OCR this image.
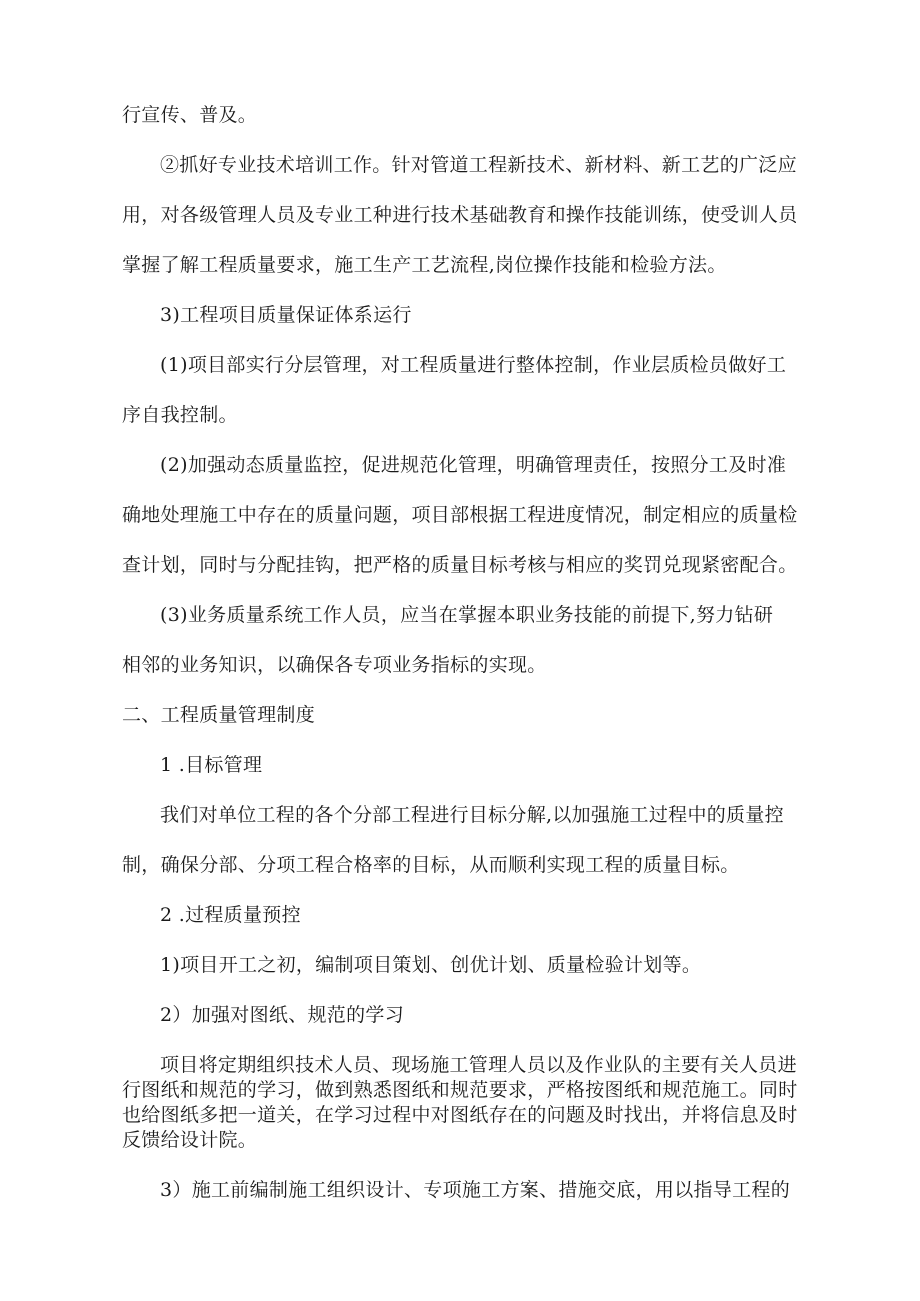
行宣传、普及。
②抓好专业技术培训工作。针对管道工程新技术、新材料、新工艺的广泛应
用，对各级管理人员及专业工种进行技术基础教育和操作技能训练，使受训人员
掌握了解工程质量要求，施工生产工艺流程,岗位操作技能和检验方法。
3)工程项目质量保证体系运行
(1)项目部实行分层管理，对工程质量进行整体控制，作业层质检员做好工
序自我控制。
(2)加强动态质量监控，促进规范化管理，明确管理责任，按照分工及时准
确地处理施工中存在的质量问题，项目部根据工程进度情况，制定相应的质量检
查计划，同时与分配挂钩，把严格的质量目标考核与相应的奖罚兑现紧密配合。
(3)业务质量系统工作人员，应当在掌握本职业务技能的前提下,努力钻研
相邻的业务知识，以确保各专项业务指标的实现。
二、工程质量管理制度
1 .目标管理
我们对单位工程的各个分部工程进行目标分解,以加强施工过程中的质量控
制，确保分部、分项工程合格率的目标，从而顺利实现工程的质量目标。
2 .过程质量预控
1)项目开工之初，编制项目策划、创优计划、质量检验计划等。
2）加强对图纸、规范的学习
项目将定期组织技术人员、现场施工管理人员以及作业队的主要有关人员进
行图纸和规范的学习，做到熟悉图纸和规范要求，严格按图纸和规范施工。同时
也给图纸多把一道关，在学习过程中对图纸存在的问题及时找出，并将信息及时
反馈给设计院。
3）施工前编制施工组织设计、专项施工方案、措施交底，用以指导工程的
